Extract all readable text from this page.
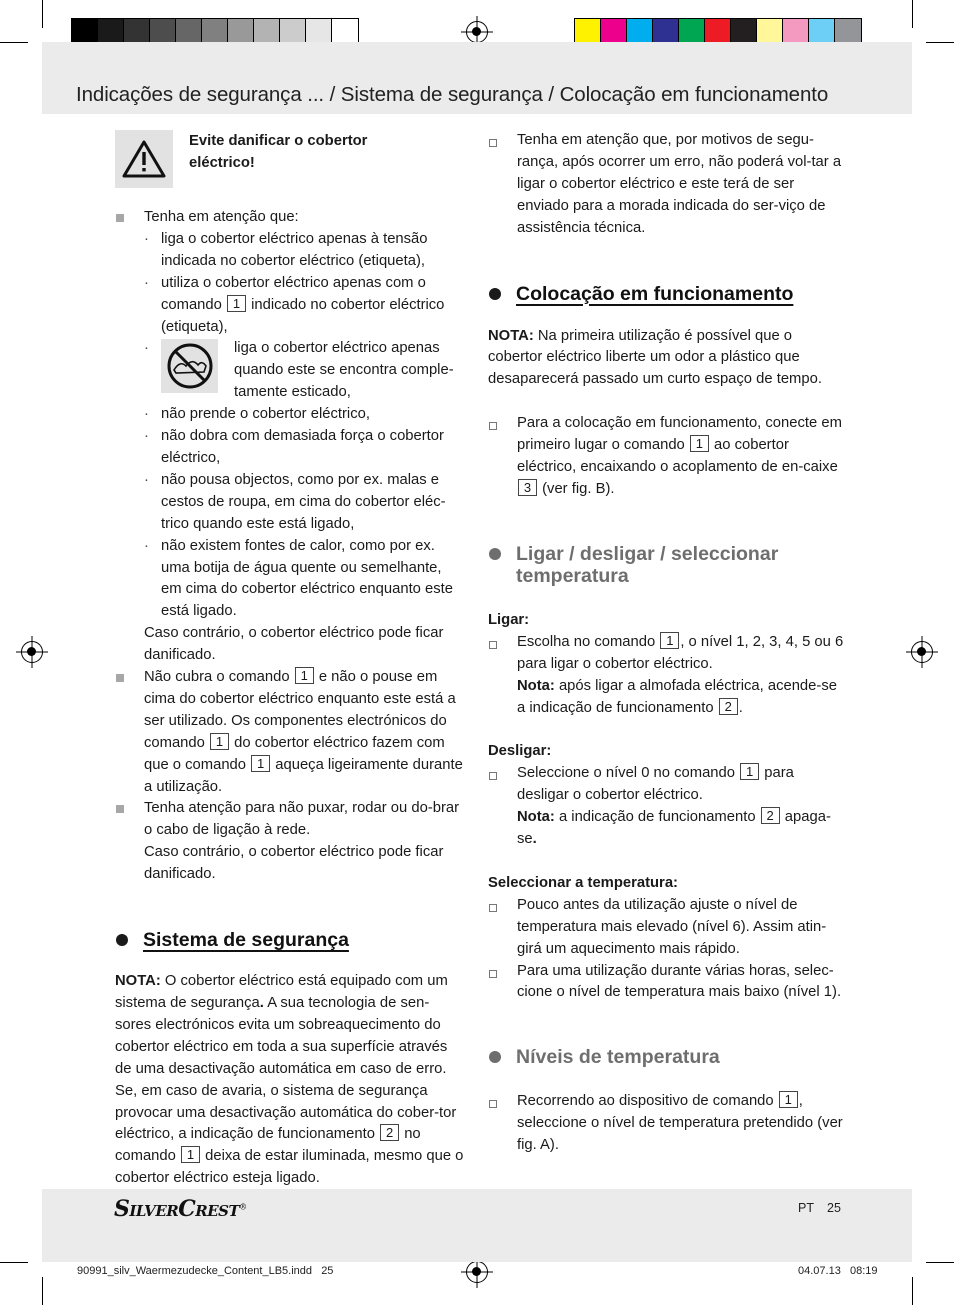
Indicações de segurança ... / Sistema de segurança / Colocação em funcionamento
Evite danificar o cobertor eléctrico!
Tenha em atenção que:
· liga o cobertor eléctrico apenas à tensão indicada no cobertor eléctrico (etiqueta),
· utiliza o cobertor eléctrico apenas com o comando 1 indicado no cobertor eléctrico (etiqueta),
· liga o cobertor eléctrico apenas quando este se encontra comple-tamente esticado,
· não prende o cobertor eléctrico,
· não dobra com demasiada força o cobertor eléctrico,
· não pousa objectos, como por ex. malas e cestos de roupa, em cima do cobertor eléc-trico quando este está ligado,
· não existem fontes de calor, como por ex. uma botija de água quente ou semelhante, em cima do cobertor eléctrico enquanto este está ligado.
Caso contrário, o cobertor eléctrico pode ficar danificado.
Não cubra o comando 1 e não o pouse em cima do cobertor eléctrico enquanto este está a ser utilizado. Os componentes electrónicos do comando 1 do cobertor eléctrico fazem com que o comando 1 aqueça ligeiramente durante a utilização.
Tenha atenção para não puxar, rodar ou do-brar o cabo de ligação à rede.
Caso contrário, o cobertor eléctrico pode ficar danificado.
Sistema de segurança
NOTA: O cobertor eléctrico está equipado com um sistema de segurança. A sua tecnologia de sen-sores electrónicos evita um sobreaquecimento do cobertor eléctrico em toda a sua superfície através de uma desactivação automática em caso de erro. Se, em caso de avaria, o sistema de segurança provocar uma desactivação automática do cober-tor eléctrico, a indicação de funcionamento 2 no comando 1 deixa de estar iluminada, mesmo que o cobertor eléctrico esteja ligado.
Tenha em atenção que, por motivos de segu-rança, após ocorrer um erro, não poderá vol-tar a ligar o cobertor eléctrico e este terá de ser enviado para a morada indicada do ser-viço de assistência técnica.
Colocação em funcionamento
NOTA: Na primeira utilização é possível que o cobertor eléctrico liberte um odor a plástico que desaparecerá passado um curto espaço de tempo.
Para a colocação em funcionamento, conecte em primeiro lugar o comando 1 ao cobertor eléctrico, encaixando o acoplamento de en-caixe 3 (ver fig. B).
Ligar / desligar / seleccionar temperatura
Ligar:
Escolha no comando 1 , o nível 1, 2, 3, 4, 5 ou 6 para ligar o cobertor eléctrico.
Nota: após ligar a almofada eléctrica, acende-se a indicação de funcionamento 2 .
Desligar:
Seleccione o nível 0 no comando 1 para desligar o cobertor eléctrico.
Nota: a indicação de funcionamento 2 apaga-se.
Seleccionar a temperatura:
Pouco antes da utilização ajuste o nível de temperatura mais elevado (nível 6). Assim atin-girá um aquecimento mais rápido.
Para uma utilização durante várias horas, selec-cione o nível de temperatura mais baixo (nível 1).
Níveis de temperatura
Recorrendo ao dispositivo de comando 1 , seleccione o nível de temperatura pretendido (ver fig. A).
SILVERCREST®	PT 25
90991_silv_Waermezudecke_Content_LB5.indd   25	04.07.13   08:19
